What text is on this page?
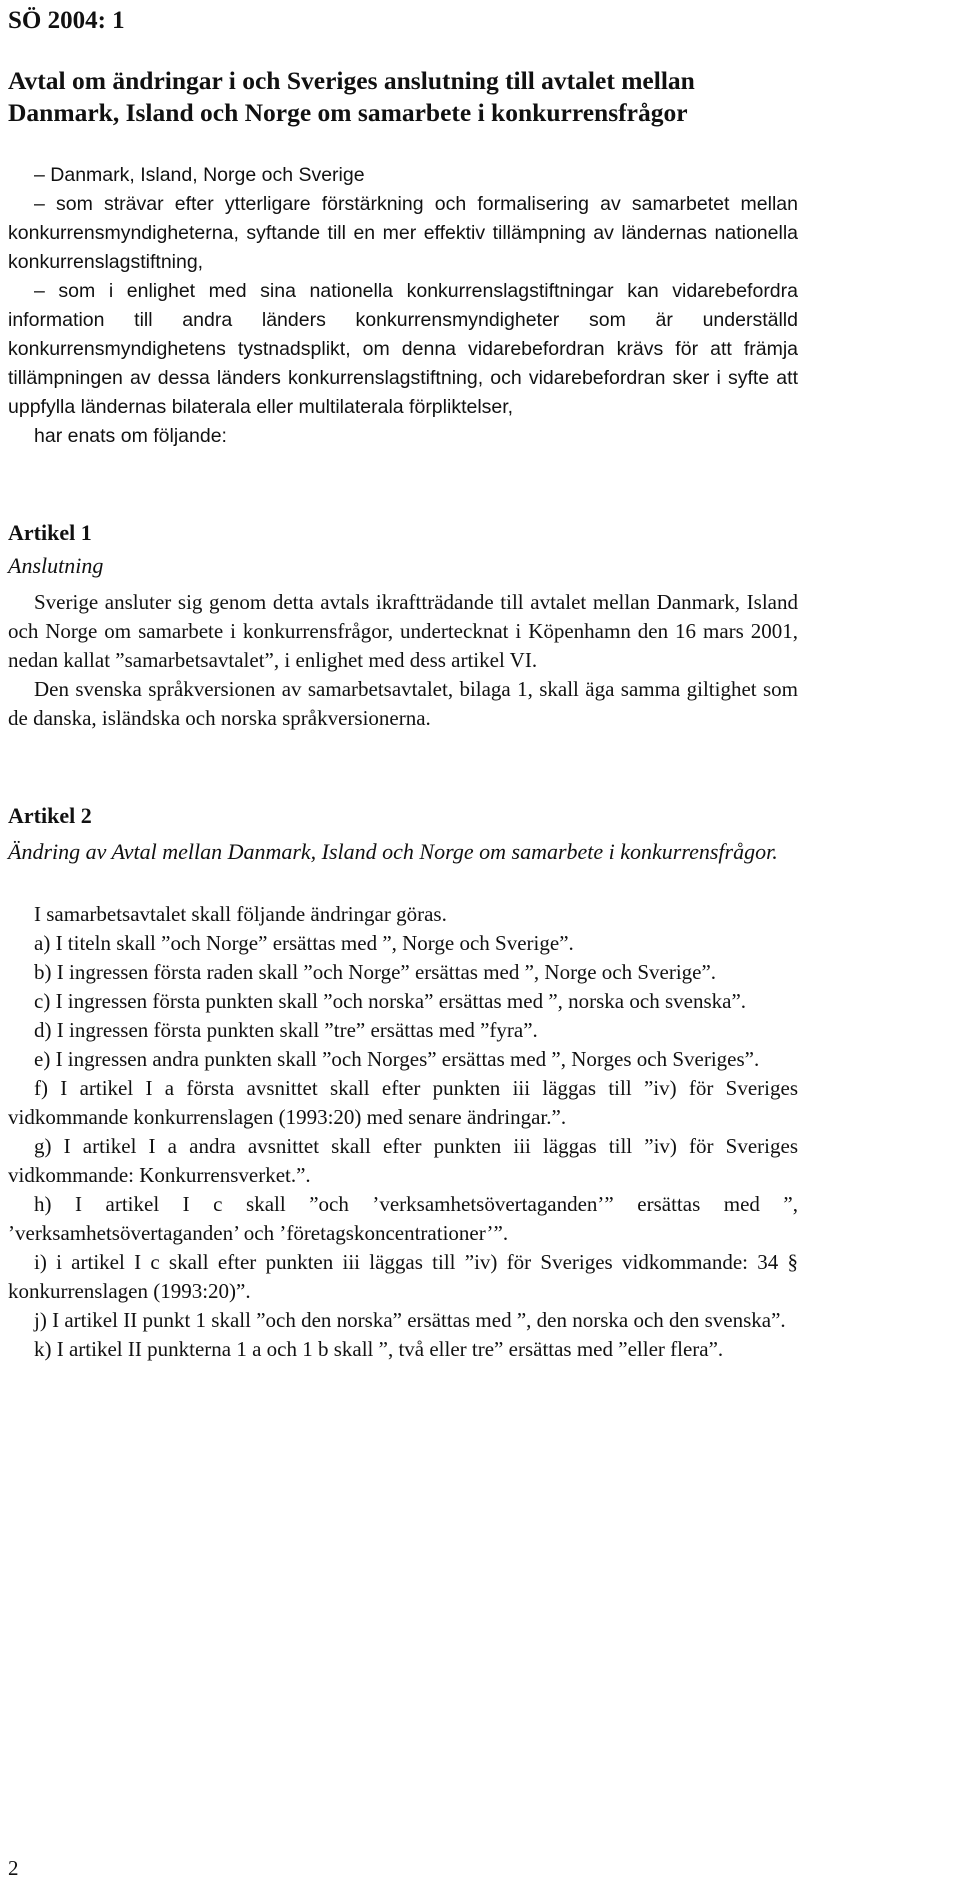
SÖ 2004: 1
Avtal om ändringar i och Sveriges anslutning till avtalet mellan Danmark, Island och Norge om samarbete i konkurrensfrågor

– Danmark, Island, Norge och Sverige

– som strävar efter ytterligare förstärkning och formalisering av samarbetet mellan konkurrensmyndigheterna, syftande till en mer effektiv tillämpning av ländernas nationella konkurrenslagstiftning,

– som i enlighet med sina nationella konkurrenslagstiftningar kan vidarebefordra information till andra länders konkurrensmyndigheter som är underställd konkurrensmyndighetens tystnadsplikt, om denna vidarebefordran krävs för att främja tillämpningen av dessa länders konkurrenslagstiftning, och vidarebefordran sker i syfte att uppfylla ländernas bilaterala eller multilaterala förpliktelser,

har enats om följande:

Artikel 1
Anslutning

Sverige ansluter sig genom detta avtals ikraftträdande till avtalet mellan Danmark, Island och Norge om samarbete i konkurrensfrågor, undertecknat i Köpenhamn den 16 mars 2001, nedan kallat ”samarbetsavtalet”, i enlighet med dess artikel VI.

Den svenska språkversionen av samarbetsavtalet, bilaga 1, skall äga samma giltighet som de danska, isländska och norska språkversionerna.

Artikel 2
Ändring av Avtal mellan Danmark, Island och Norge om samarbete i konkurrensfrågor.

I samarbetsavtalet skall följande ändringar göras.

a) I titeln skall ”och Norge” ersättas med ”, Norge och Sverige”.

b) I ingressen första raden skall ”och Norge” ersättas med ”, Norge och Sverige”.

c) I ingressen första punkten skall ”och norska” ersättas med ”, norska och svenska”.

d) I ingressen första punkten skall ”tre” ersättas med ”fyra”.

e) I ingressen andra punkten skall ”och Norges” ersättas med ”, Norges och Sveriges”.

f) I artikel I a första avsnittet skall efter punkten iii läggas till ”iv) för Sveriges vidkommande konkurrenslagen (1993:20) med senare ändringar.”.

g) I artikel I a andra avsnittet skall efter punkten iii läggas till ”iv) för Sveriges vidkommande: Konkurrensverket.”.

h) I artikel I c skall ”och ’verksamhetsövertaganden’” ersättas med ”, ’verksamhetsövertaganden’ och ’företagskoncentrationer’”.

i) i artikel I c skall efter punkten iii läggas till ”iv) för Sveriges vidkommande: 34 § konkurrenslagen (1993:20)”.

j) I artikel II punkt 1 skall ”och den norska” ersättas med ”, den norska och den svenska”.

k) I artikel II punkterna 1 a och 1 b skall ”, två eller tre” ersättas med ”eller flera”.

2
